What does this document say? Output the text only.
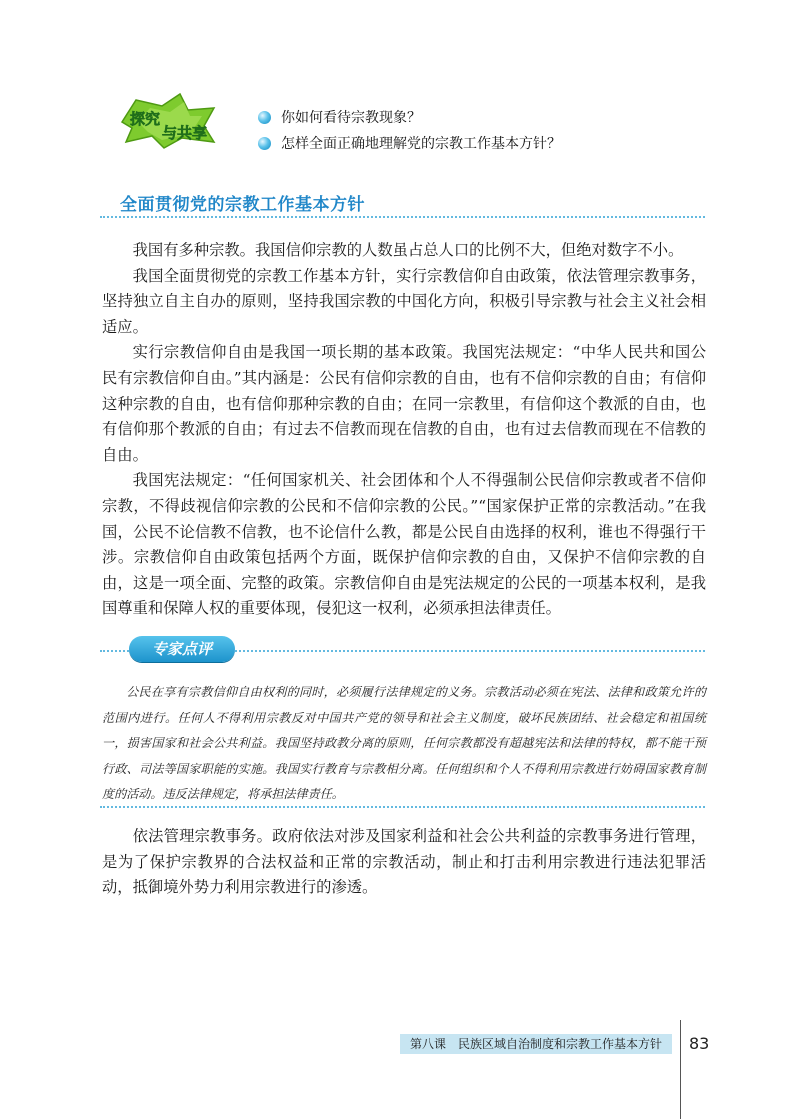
探究
与共享
你如何看待宗教现象？
怎样全面正确地理解党的宗教工作基本方针？
全面贯彻党的宗教工作基本方针

我国有多种宗教。我国信仰宗教的人数虽占总人口的比例不大，但绝对数字不小。

我国全面贯彻党的宗教工作基本方针，实行宗教信仰自由政策，依法管理宗教事务，坚持独立自主自办的原则，坚持我国宗教的中国化方向，积极引导宗教与社会主义社会相适应。

实行宗教信仰自由是我国一项长期的基本政策。我国宪法规定：“中华人民共和国公民有宗教信仰自由。”其内涵是：公民有信仰宗教的自由，也有不信仰宗教的自由；有信仰这种宗教的自由，也有信仰那种宗教的自由；在同一宗教里，有信仰这个教派的自由，也有信仰那个教派的自由；有过去不信教而现在信教的自由，也有过去信教而现在不信教的自由。

我国宪法规定：“任何国家机关、社会团体和个人不得强制公民信仰宗教或者不信仰宗教，不得歧视信仰宗教的公民和不信仰宗教的公民。”“国家保护正常的宗教活动。”在我国，公民不论信教不信教，也不论信什么教，都是公民自由选择的权利，谁也不得强行干涉。宗教信仰自由政策包括两个方面，既保护信仰宗教的自由，又保护不信仰宗教的自由，这是一项全面、完整的政策。宗教信仰自由是宪法规定的公民的一项基本权利，是我国尊重和保障人权的重要体现，侵犯这一权利，必须承担法律责任。

专家点评

公民在享有宗教信仰自由权利的同时，必须履行法律规定的义务。宗教活动必须在宪法、法律和政策允许的范围内进行。任何人不得利用宗教反对中国共产党的领导和社会主义制度，破坏民族团结、社会稳定和祖国统一，损害国家和社会公共利益。我国坚持政教分离的原则，任何宗教都没有超越宪法和法律的特权，都不能干预行政、司法等国家职能的实施。我国实行教育与宗教相分离。任何组织和个人不得利用宗教进行妨碍国家教育制度的活动。违反法律规定，将承担法律责任。

依法管理宗教事务。政府依法对涉及国家利益和社会公共利益的宗教事务进行管理，是为了保护宗教界的合法权益和正常的宗教活动，制止和打击利用宗教进行违法犯罪活动，抵御境外势力利用宗教进行的渗透。

第八课　民族区域自治制度和宗教工作基本方针 83
